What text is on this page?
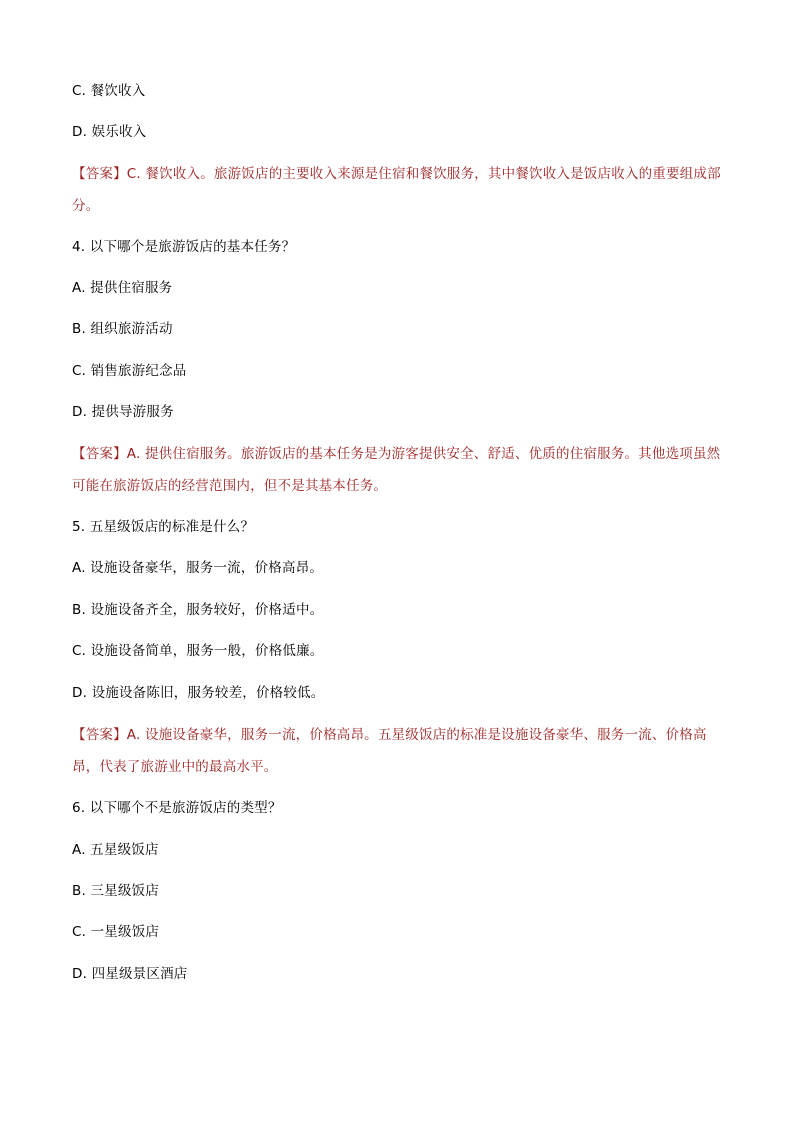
C. 餐饮收入
D. 娱乐收入
【答案】C. 餐饮收入。旅游饭店的主要收入来源是住宿和餐饮服务，其中餐饮收入是饭店收入的重要组成部分。
4. 以下哪个是旅游饭店的基本任务？
A. 提供住宿服务
B. 组织旅游活动
C. 销售旅游纪念品
D. 提供导游服务
【答案】A. 提供住宿服务。旅游饭店的基本任务是为游客提供安全、舒适、优质的住宿服务。其他选项虽然可能在旅游饭店的经营范围内，但不是其基本任务。
5. 五星级饭店的标准是什么？
A. 设施设备豪华，服务一流，价格高昂。
B. 设施设备齐全，服务较好，价格适中。
C. 设施设备简单，服务一般，价格低廉。
D. 设施设备陈旧，服务较差，价格较低。
【答案】A. 设施设备豪华，服务一流，价格高昂。五星级饭店的标准是设施设备豪华、服务一流、价格高昂，代表了旅游业中的最高水平。
6. 以下哪个不是旅游饭店的类型？
A. 五星级饭店
B. 三星级饭店
C. 一星级饭店
D. 四星级景区酒店
